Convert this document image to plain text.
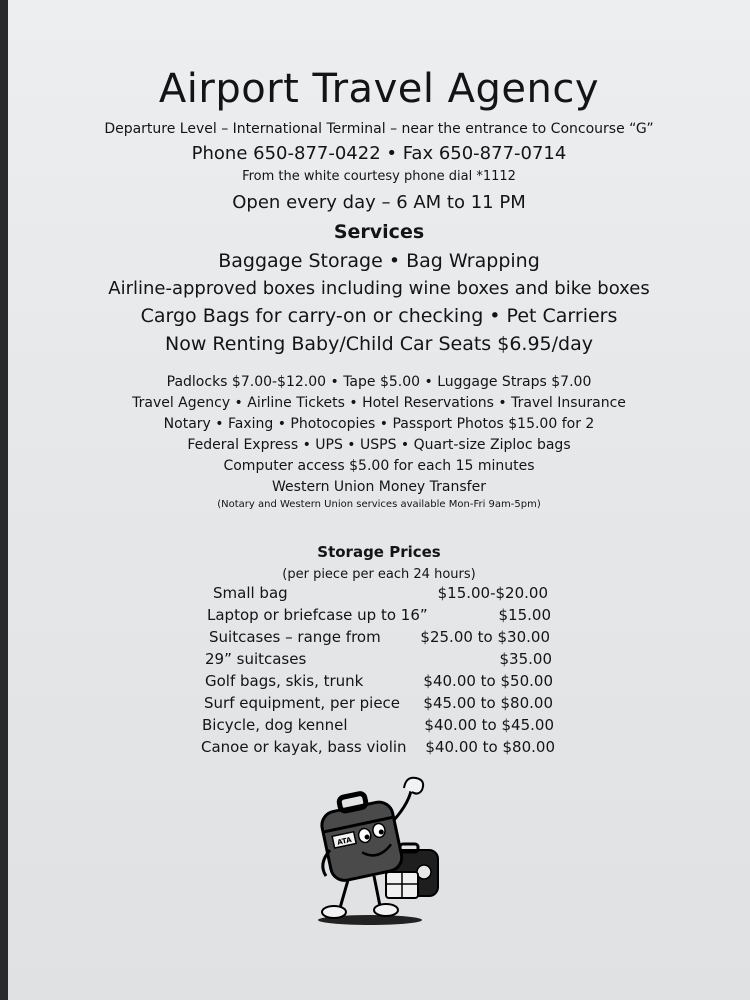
Airport Travel Agency
Departure Level – International Terminal – near the entrance to Concourse “G”
Phone 650-877-0422 • Fax 650-877-0714
From the white courtesy phone dial *1112
Open every day – 6 AM to 11 PM
Services
Baggage Storage • Bag Wrapping
Airline-approved boxes including wine boxes and bike boxes
Cargo Bags for carry-on or checking • Pet Carriers
Now Renting Baby/Child Car Seats $6.95/day
Padlocks $7.00-$12.00 • Tape $5.00 • Luggage Straps $7.00
Travel Agency • Airline Tickets • Hotel Reservations • Travel Insurance
Notary • Faxing • Photocopies • Passport Photos $15.00 for 2
Federal Express • UPS • USPS • Quart-size Ziploc bags
Computer access $5.00 for each 15 minutes
Western Union Money Transfer
(Notary and Western Union services available Mon-Fri 9am-5pm)
Storage Prices
(per piece per each 24 hours)
Small bag	$15.00-$20.00
Laptop or briefcase up to 16”	$15.00
Suitcases – range from	$25.00 to $30.00
29” suitcases	$35.00
Golf bags, skis, trunk	$40.00 to $50.00
Surf equipment, per piece $45.00 to $80.00
Bicycle, dog kennel	$40.00 to $45.00
Canoe or kayak, bass violin $40.00 to $80.00
ATA
